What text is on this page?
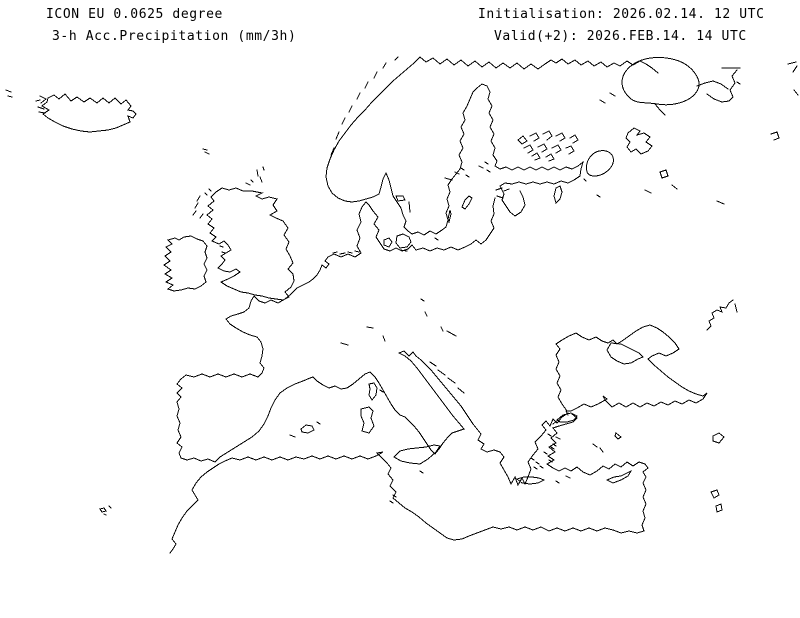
ICON EU 0.0625 degree
3-h Acc.Precipitation (mm/3h)
Initialisation: 2026.02.14. 12 UTC
Valid(+2): 2026.FEB.14. 14 UTC
